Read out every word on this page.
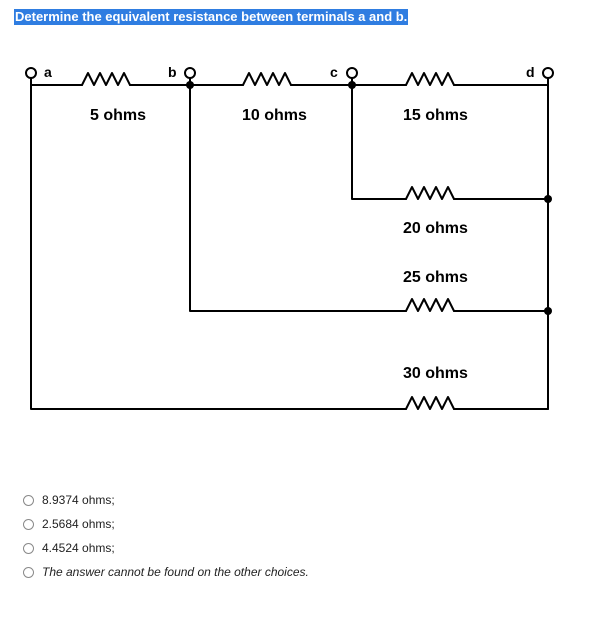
Determine the equivalent resistance between terminals a and b.
a	b	c	d
5 ohms	10 ohms	15 ohms
20 ohms
25 ohms
30 ohms
8.9374 ohms;
2.5684 ohms;
4.4524 ohms;
The answer cannot be found on the other choices.
